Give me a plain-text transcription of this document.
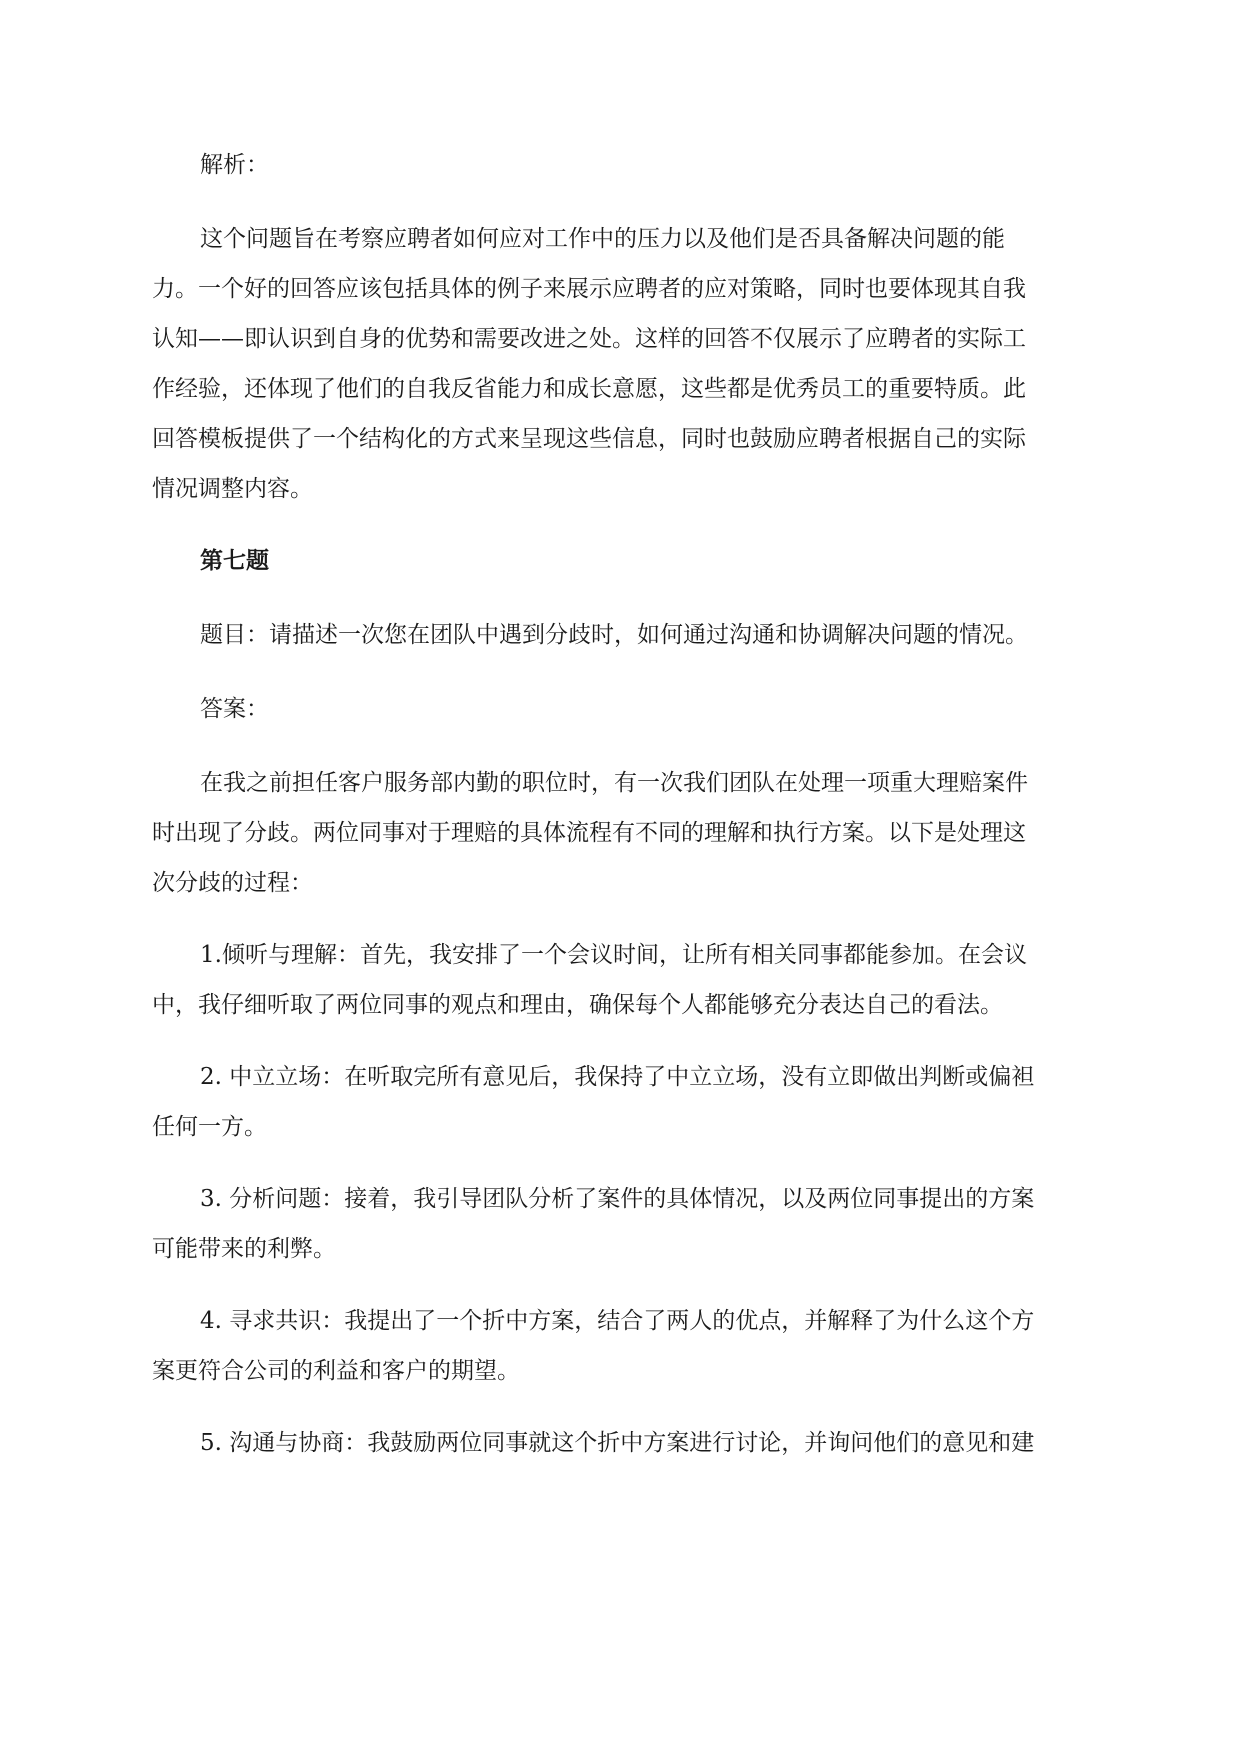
解析：

这个问题旨在考察应聘者如何应对工作中的压力以及他们是否具备解决问题的能
力。一个好的回答应该包括具体的例子来展示应聘者的应对策略，同时也要体现其自我
认知——即认识到自身的优势和需要改进之处。这样的回答不仅展示了应聘者的实际工
作经验，还体现了他们的自我反省能力和成长意愿，这些都是优秀员工的重要特质。此
回答模板提供了一个结构化的方式来呈现这些信息，同时也鼓励应聘者根据自己的实际
情况调整内容。

第七题

题目：请描述一次您在团队中遇到分歧时，如何通过沟通和协调解决问题的情况。

答案：

在我之前担任客户服务部内勤的职位时，有一次我们团队在处理一项重大理赔案件
时出现了分歧。两位同事对于理赔的具体流程有不同的理解和执行方案。以下是处理这
次分歧的过程：

1.倾听与理解：首先，我安排了一个会议时间，让所有相关同事都能参加。在会议
中，我仔细听取了两位同事的观点和理由，确保每个人都能够充分表达自己的看法。

2. 中立立场：在听取完所有意见后，我保持了中立立场，没有立即做出判断或偏袒
任何一方。

3. 分析问题：接着，我引导团队分析了案件的具体情况，以及两位同事提出的方案
可能带来的利弊。

4. 寻求共识：我提出了一个折中方案，结合了两人的优点，并解释了为什么这个方
案更符合公司的利益和客户的期望。

5. 沟通与协商：我鼓励两位同事就这个折中方案进行讨论，并询问他们的意见和建
